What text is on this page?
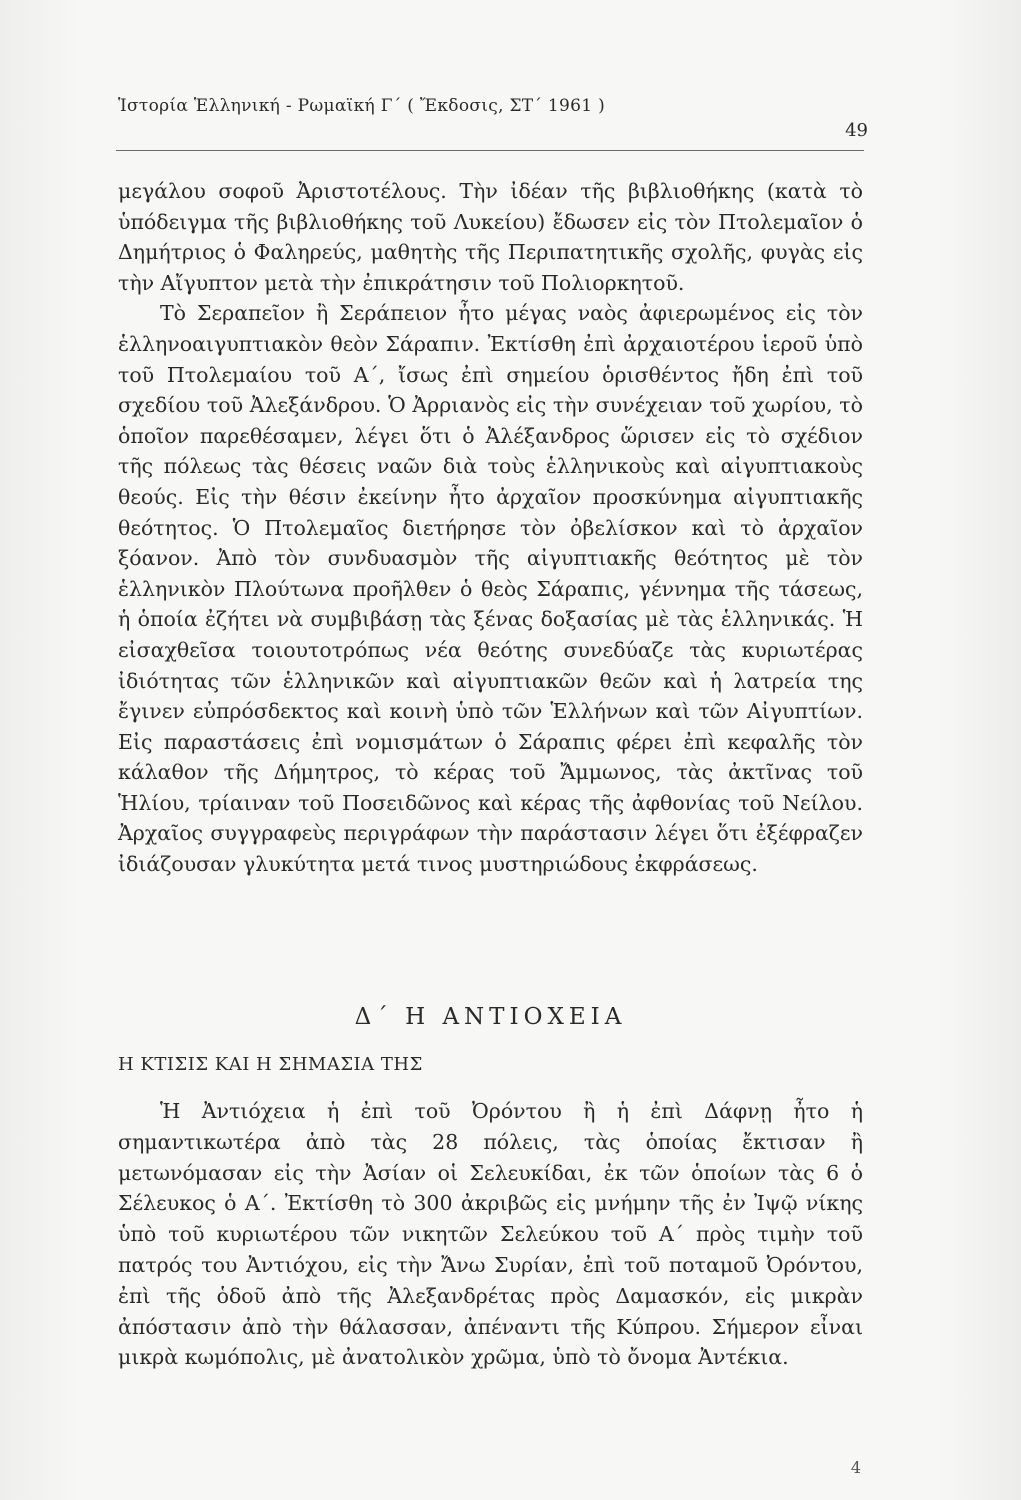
Ἱστορία Ἑλληνική - Ρωμαϊκή Γ΄ ( Ἔκδοσις, ΣΤ΄ 1961 )
49

μεγάλου σοφοῦ Ἀριστοτέλους. Τὴν ἰδέαν τῆς βιβλιοθήκης (κατὰ τὸ ὑπόδειγμα τῆς βιβλιοθήκης τοῦ Λυκείου) ἔδωσεν εἰς τὸν Πτολεμαῖον ὁ Δημήτριος ὁ Φαληρεύς, μαθητὴς τῆς Περιπατητικῆς σχολῆς, φυγὰς εἰς τὴν Αἴγυπτον μετὰ τὴν ἐπικράτησιν τοῦ Πολιορκητοῦ.

Τὸ Σεραπεῖον ἢ Σεράπειον ἦτο μέγας ναὸς ἀφιερωμένος εἰς τὸν ἑλληνοαιγυπτιακὸν θεὸν Σάραπιν. Ἐκτίσθη ἐπὶ ἀρχαιοτέρου ἱεροῦ ὑπὸ τοῦ Πτολεμαίου τοῦ Α΄, ἴσως ἐπὶ σημείου ὁρισθέντος ἤδη ἐπὶ τοῦ σχεδίου τοῦ Ἀλεξάνδρου. Ὁ Ἀρριανὸς εἰς τὴν συνέχειαν τοῦ χωρίου, τὸ ὁποῖον παρεθέσαμεν, λέγει ὅτι ὁ Ἀλέξανδρος ὥρισεν εἰς τὸ σχέδιον τῆς πόλεως τὰς θέσεις ναῶν διὰ τοὺς ἑλληνικοὺς καὶ αἰγυπτιακοὺς θεούς. Εἰς τὴν θέσιν ἐκείνην ἦτο ἀρχαῖον προσκύνημα αἰγυπτιακῆς θεότητος. Ὁ Πτολεμαῖος διετήρησε τὸν ὀβελίσκον καὶ τὸ ἀρχαῖον ξόανον. Ἀπὸ τὸν συνδυασμὸν τῆς αἰγυπτιακῆς θεότητος μὲ τὸν ἑλληνικὸν Πλούτωνα προῆλθεν ὁ θεὸς Σάραπις, γέννημα τῆς τάσεως, ἡ ὁποία ἐζήτει νὰ συμβιβάσῃ τὰς ξένας δοξασίας μὲ τὰς ἑλληνικάς. Ἡ εἰσαχθεῖσα τοιουτοτρόπως νέα θεότης συνεδύαζε τὰς κυριωτέρας ἰδιότητας τῶν ἑλληνικῶν καὶ αἰγυπτιακῶν θεῶν καὶ ἡ λατρεία της ἔγινεν εὐπρόσδεκτος καὶ κοινὴ ὑπὸ τῶν Ἑλλήνων καὶ τῶν Αἰγυπτίων. Εἰς παραστάσεις ἐπὶ νομισμάτων ὁ Σάραπις φέρει ἐπὶ κεφαλῆς τὸν κάλαθον τῆς Δήμητρος, τὸ κέρας τοῦ Ἄμμωνος, τὰς ἀκτῖνας τοῦ Ἡλίου, τρίαιναν τοῦ Ποσειδῶνος καὶ κέρας τῆς ἀφθονίας τοῦ Νείλου. Ἀρχαῖος συγγραφεὺς περιγράφων τὴν παράστασιν λέγει ὅτι ἐξέφραζεν ἰδιάζουσαν γλυκύτητα μετά τινος μυστηριώδους ἐκφράσεως.

Δ΄ Η ΑΝΤΙΟΧΕΙΑ
Η ΚΤΙΣΙΣ ΚΑΙ Η ΣΗΜΑΣΙΑ ΤΗΣ

Ἡ Ἀντιόχεια ἡ ἐπὶ τοῦ Ὀρόντου ἢ ἡ ἐπὶ Δάφνῃ ἦτο ἡ σημαντικωτέρα ἀπὸ τὰς 28 πόλεις, τὰς ὁποίας ἔκτισαν ἢ μετωνόμασαν εἰς τὴν Ἀσίαν οἱ Σελευκίδαι, ἐκ τῶν ὁποίων τὰς 6 ὁ Σέλευκος ὁ Α΄. Ἐκτίσθη τὸ 300 ἀκριβῶς εἰς μνήμην τῆς ἐν Ἰψῷ νίκης ὑπὸ τοῦ κυριωτέρου τῶν νικητῶν Σελεύκου τοῦ Α΄ πρὸς τιμὴν τοῦ πατρός του Ἀντιόχου, εἰς τὴν Ἄνω Συρίαν, ἐπὶ τοῦ ποταμοῦ Ὀρόντου, ἐπὶ τῆς ὁδοῦ ἀπὸ τῆς Ἀλεξανδρέτας πρὸς Δαμασκόν, εἰς μικρὰν ἀπόστασιν ἀπὸ τὴν θάλασσαν, ἀπέναντι τῆς Κύπρου. Σήμερον εἶναι μικρὰ κωμόπολις, μὲ ἀνατολικὸν χρῶμα, ὑπὸ τὸ ὄνομα Ἀντέκια.

4
